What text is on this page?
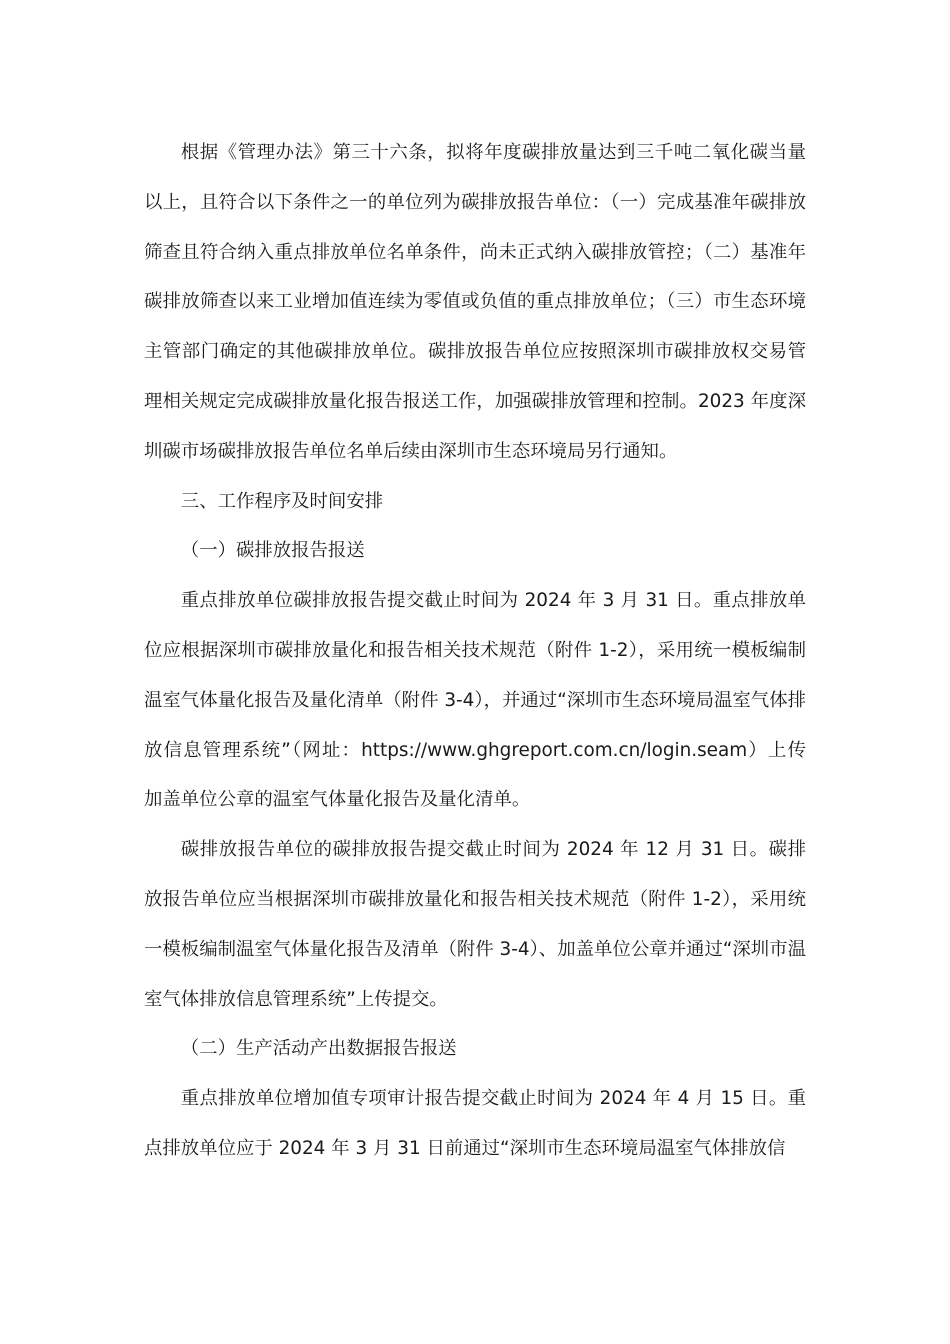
根据《管理办法》第三十六条，拟将年度碳排放量达到三千吨二氧化碳当量以上，且符合以下条件之一的单位列为碳排放报告单位：（一）完成基准年碳排放筛查且符合纳入重点排放单位名单条件，尚未正式纳入碳排放管控；（二）基准年碳排放筛查以来工业增加值连续为零值或负值的重点排放单位；（三）市生态环境主管部门确定的其他碳排放单位。碳排放报告单位应按照深圳市碳排放权交易管理相关规定完成碳排放量化报告报送工作，加强碳排放管理和控制。2023 年度深圳碳市场碳排放报告单位名单后续由深圳市生态环境局另行通知。

三、工作程序及时间安排

（一）碳排放报告报送

重点排放单位碳排放报告提交截止时间为 2024 年 3 月 31 日。重点排放单位应根据深圳市碳排放量化和报告相关技术规范（附件 1-2），采用统一模板编制温室气体量化报告及量化清单（附件 3-4），并通过“深圳市生态环境局温室气体排放信息管理系统”（网址：https://www.ghgreport.com.cn/login.seam）上传加盖单位公章的温室气体量化报告及量化清单。

碳排放报告单位的碳排放报告提交截止时间为 2024 年 12 月 31 日。碳排放报告单位应当根据深圳市碳排放量化和报告相关技术规范（附件 1-2），采用统一模板编制温室气体量化报告及清单（附件 3-4）、加盖单位公章并通过“深圳市温室气体排放信息管理系统”上传提交。

（二）生产活动产出数据报告报送

重点排放单位增加值专项审计报告提交截止时间为 2024 年 4 月 15 日。重点排放单位应于 2024 年 3 月 31 日前通过“深圳市生态环境局温室气体排放信
